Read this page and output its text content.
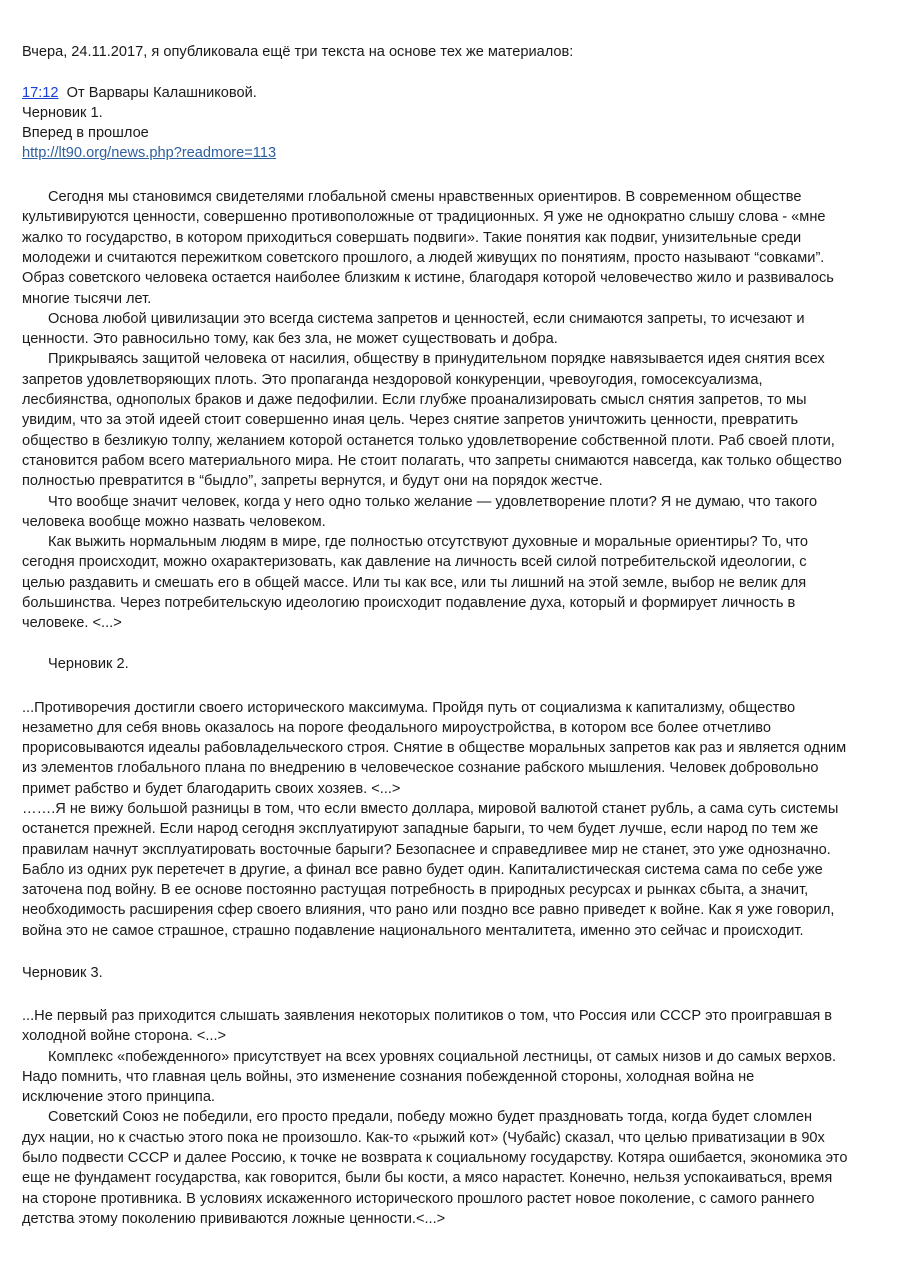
Вчера, 24.11.2017, я опубликовала ещё три текста на основе тех же материалов:
17:12 От Варвары Калашниковой.
Черновик 1.
Вперед в прошлое
http://lt90.org/news.php?readmore=113
Сегодня мы становимся свидетелями глобальной смены нравственных ориентиров. В современном обществе
культивируются ценности, совершенно противоположные от традиционных. Я уже не однократно слышу слова - «мне
жалко то государство, в котором приходиться совершать подвиги». Такие понятия как подвиг, унизительные среди
молодежи и считаются пережитком советского прошлого, а людей живущих по понятиям, просто называют “совками”.
Образ советского человека остается наиболее близким к истине, благодаря которой человечество жило и развивалось
многие тысячи лет.
Основа любой цивилизации это всегда система запретов и ценностей, если снимаются запреты, то исчезают и
ценности. Это равносильно тому, как без зла, не может существовать и добра.
Прикрываясь защитой человека от насилия, обществу в принудительном порядке навязывается идея снятия всех
запретов удовлетворяющих плоть. Это пропаганда нездоровой конкуренции, чревоугодия, гомосексуализма,
лесбиянства, однополых браков и даже педофилии. Если глубже проанализировать смысл снятия запретов, то мы
увидим, что за этой идеей стоит совершенно иная цель. Через снятие запретов уничтожить ценности, превратить
общество в безликую толпу, желанием которой останется только удовлетворение собственной плоти. Раб своей плоти,
становится рабом всего материального мира. Не стоит полагать, что запреты снимаются навсегда, как только общество
полностью превратится в “быдло”, запреты вернутся, и будут они на порядок жестче.
Что вообще значит человек, когда у него одно только желание — удовлетворение плоти? Я не думаю, что такого
человека вообще можно назвать человеком.
Как выжить нормальным людям в мире, где полностью отсутствуют духовные и моральные ориентиры? То, что
сегодня происходит, можно охарактеризовать, как давление на личность всей силой потребительской идеологии, с
целью раздавить и смешать его в общей массе. Или ты как все, или ты лишний на этой земле, выбор не велик для
большинства. Через потребительскую идеологию происходит подавление духа, который и формирует личность в
человеке. <...>
Черновик 2.
...Противоречия достигли своего исторического максимума. Пройдя путь от социализма к капитализму, общество
незаметно для себя вновь оказалось на пороге феодального мироустройства, в котором все более отчетливо
прорисовываются идеалы рабовладельческого строя. Снятие в обществе моральных запретов как раз и является одним
из элементов глобального плана по внедрению в человеческое сознание рабского мышления. Человек добровольно
примет рабство и будет благодарить своих хозяев. <...>
…….Я не вижу большой разницы в том, что если вместо доллара, мировой валютой станет рубль, а сама суть системы
останется прежней. Если народ сегодня эксплуатируют западные барыги, то чем будет лучше, если народ по тем же
правилам начнут эксплуатировать восточные барыги? Безопаснее и справедливее мир не станет, это уже однозначно.
Бабло из одних рук перетечет в другие, а финал все равно будет один. Капиталистическая система сама по себе уже
заточена под войну. В ее основе постоянно растущая потребность в природных ресурсах и рынках сбыта, а значит,
необходимость расширения сфер своего влияния, что рано или поздно все равно приведет к войне. Как я уже говорил,
война это не самое страшное, страшно подавление национального менталитета, именно это сейчас и происходит.
Черновик 3.
...Не первый раз приходится слышать заявления некоторых политиков о том, что Россия или СССР это проигравшая в
холодной войне сторона. <...>
Комплекс «побежденного» присутствует на всех уровнях социальной лестницы, от самых низов и до самых верхов.
Надо помнить, что главная цель войны, это изменение сознания побежденной стороны, холодная война не
исключение этого принципа.
Советский Союз не победили, его просто предали, победу можно будет праздновать тогда, когда будет сломлен
дух нации, но к счастью этого пока не произошло. Как-то «рыжий кот» (Чубайс) сказал, что целью приватизации в 90х
было подвести СССР и далее Россию, к точке не возврата к социальному государству. Котяра ошибается, экономика это
еще не фундамент государства, как говорится, были бы кости, а мясо нарастет. Конечно, нельзя успокаиваться, время
на стороне противника. В условиях искаженного исторического прошлого растет новое поколение, с самого раннего
детства этому поколению прививаются ложные ценности.<...>
